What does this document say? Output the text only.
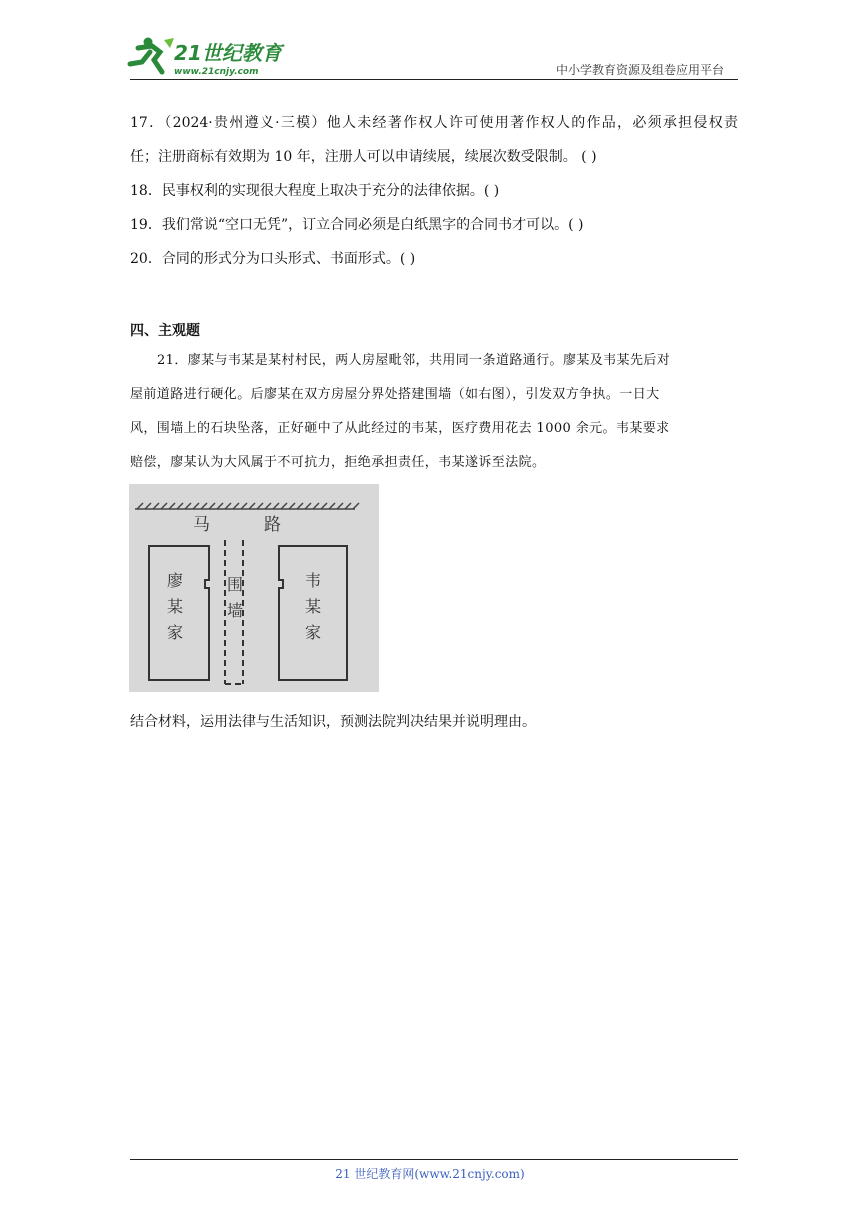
21世纪教育
www.21cnjy.com	中小学教育资源及组卷应用平台
17．（2024·贵州遵义·三模）他人未经著作权人许可使用著作权人的作品，必须承担侵权责
任；注册商标有效期为 10 年，注册人可以申请续展，续展次数受限制。 ( )
18．民事权利的实现很大程度上取决于充分的法律依据。( )
19．我们常说“空口无凭”，订立合同必须是白纸黑字的合同书才可以。( )
20．合同的形式分为口头形式、书面形式。( )
四、主观题
21．廖某与韦某是某村村民，两人房屋毗邻，共用同一条道路通行。廖某及韦某先后对
屋前道路进行硬化。后廖某在双方房屋分界处搭建围墙（如右图），引发双方争执。一日大
风，围墙上的石块坠落，正好砸中了从此经过的韦某，医疗费用花去 1000 余元。韦某要求
赔偿，廖某认为大风属于不可抗力，拒绝承担责任，韦某遂诉至法院。
马	路
廖
某
家
围
墙
韦
某
家
结合材料，运用法律与生活知识，预测法院判决结果并说明理由。
21 世纪教育网(www.21cnjy.com)
